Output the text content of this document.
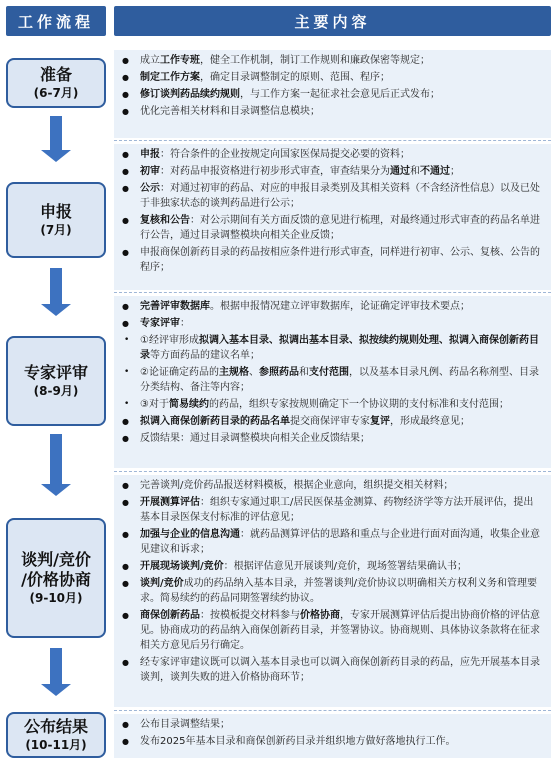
工作流程	主要内容
准备
(6-7月)
申报
(7月)
专家评审
(8-9月)
谈判/竞价
/价格协商
(9-10月)
公布结果
(10-11月)
● 成立工作专班，健全工作机制，制订工作规则和廉政保密等规定；
● 制定工作方案，确定目录调整制定的原则、范围、程序；
● 修订谈判药品续约规则，与工作方案一起征求社会意见后正式发布；
● 优化完善相关材料和目录调整信息模块；
● 申报：符合条件的企业按规定向国家医保局提交必要的资料；
● 初审：对药品申报资格进行初步形式审查，审查结果分为通过和不通过；
● 公示：对通过初审的药品、对应的申报目录类别及其相关资料（不含经济性信息）以及已处于非独家状态的谈判药品进行公示；
● 复核和公告：对公示期间有关方面反馈的意见进行梳理，对最终通过形式审查的药品名单进行公告，通过目录调整模块向相关企业反馈；
● 申报商保创新药目录的药品按相应条件进行形式审查，同样进行初审、公示、复核、公告的程序；
● 完善评审数据库。根据申报情况建立评审数据库，论证确定评审技术要点；
● 专家评审：
• ①经评审形成拟调入基本目录、拟调出基本目录、拟按续约规则处理、拟调入商保创新药目录等方面药品的建议名单；
• ②论证确定药品的主规格、参照药品和支付范围，以及基本目录凡例、药品名称剂型、目录分类结构、备注等内容；
• ③对于简易续约的药品，组织专家按规则确定下一个协议期的支付标准和支付范围；
● 拟调入商保创新药目录的药品名单提交商保评审专家复评，形成最终意见；
● 反馈结果：通过目录调整模块向相关企业反馈结果；
● 完善谈判/竞价药品报送材料模板，根据企业意向，组织提交相关材料；
● 开展测算评估：组织专家通过职工/居民医保基金测算、药物经济学等方法开展评估，提出基本目录医保支付标准的评估意见；
● 加强与企业的信息沟通：就药品测算评估的思路和重点与企业进行面对面沟通，收集企业意见建议和诉求；
● 开展现场谈判/竞价：根据评估意见开展谈判/竞价，现场签署结果确认书；
● 谈判/竞价成功的药品纳入基本目录，并签署谈判/竞价协议以明确相关方权利义务和管理要求。简易续约的药品同期签署续约协议。
● 商保创新药品：按模板提交材料参与价格协商，专家开展测算评估后提出协商价格的评估意见。协商成功的药品纳入商保创新药目录，并签署协议。协商规则、具体协议条款将在征求相关方意见后另行确定。
● 经专家评审建议既可以调入基本目录也可以调入商保创新药目录的药品，应先开展基本目录谈判，谈判失败的进入价格协商环节；
● 公布目录调整结果；
● 发布2025年基本目录和商保创新药目录并组织地方做好落地执行工作。
